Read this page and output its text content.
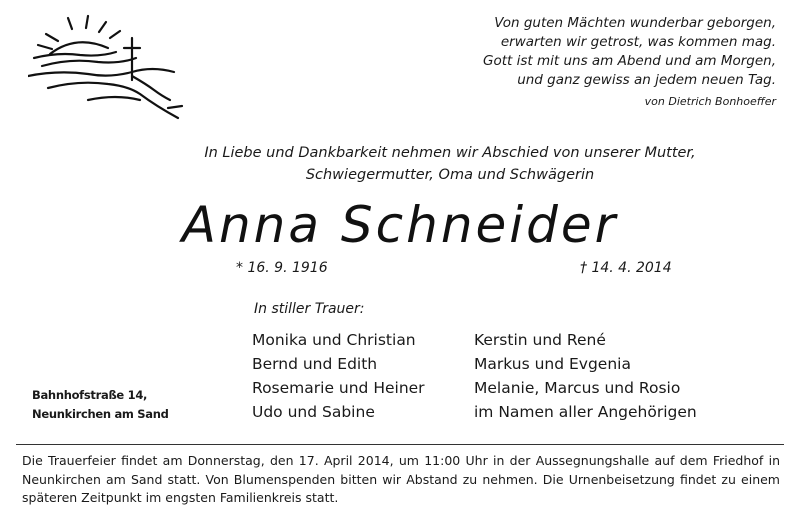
Von guten Mächten wunderbar geborgen,
erwarten wir getrost, was kommen mag.
Gott ist mit uns am Abend und am Morgen,
und ganz gewiss an jedem neuen Tag.
von Dietrich Bonhoeffer
In Liebe und Dankbarkeit nehmen wir Abschied von unserer Mutter,
Schwiegermutter, Oma und Schwägerin
Anna Schneider
* 16. 9. 1916	† 14. 4. 2014
In stiller Trauer:
Monika und Christian
Bernd und Edith
Rosemarie und Heiner
Udo und Sabine
Kerstin und René
Markus und Evgenia
Melanie, Marcus und Rosio
im Namen aller Angehörigen
Bahnhofstraße 14,
Neunkirchen am Sand
Die Trauerfeier findet am Donnerstag, den 17. April 2014, um 11:00 Uhr in der Aussegnungshalle auf dem Friedhof in Neunkirchen am Sand statt. Von Blumenspenden bitten wir Abstand zu nehmen. Die Urnenbeisetzung findet zu einem späteren Zeitpunkt im engsten Familienkreis statt.
